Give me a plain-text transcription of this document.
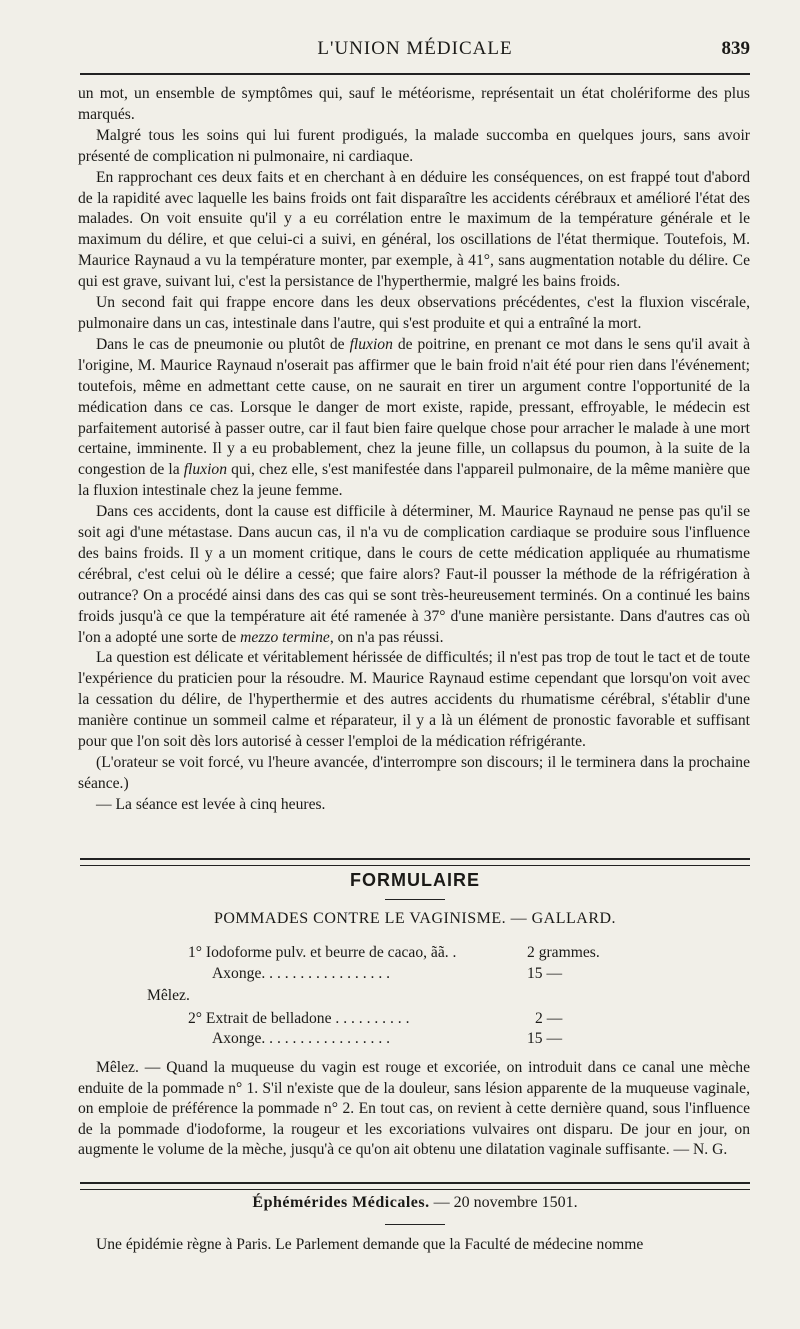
L'UNION MÉDICALE	839

un mot, un ensemble de symptômes qui, sauf le météorisme, représentait un état cholériforme des plus marqués.

Malgré tous les soins qui lui furent prodigués, la malade succomba en quelques jours, sans avoir présenté de complication ni pulmonaire, ni cardiaque.

En rapprochant ces deux faits et en cherchant à en déduire les conséquences, on est frappé tout d'abord de la rapidité avec laquelle les bains froids ont fait disparaître les accidents cérébraux et amélioré l'état des malades. On voit ensuite qu'il y a eu corrélation entre le maximum de la température générale et le maximum du délire, et que celui-ci a suivi, en général, los oscillations de l'état thermique. Toutefois, M. Maurice Raynaud a vu la température monter, par exemple, à 41°, sans augmentation notable du délire. Ce qui est grave, suivant lui, c'est la persistance de l'hyperthermie, malgré les bains froids.

Un second fait qui frappe encore dans les deux observations précédentes, c'est la fluxion viscérale, pulmonaire dans un cas, intestinale dans l'autre, qui s'est produite et qui a entraîné la mort.

Dans le cas de pneumonie ou plutôt de fluxion de poitrine, en prenant ce mot dans le sens qu'il avait à l'origine, M. Maurice Raynaud n'oserait pas affirmer que le bain froid n'ait été pour rien dans l'événement; toutefois, même en admettant cette cause, on ne saurait en tirer un argument contre l'opportunité de la médication dans ce cas. Lorsque le danger de mort existe, rapide, pressant, effroyable, le médecin est parfaitement autorisé à passer outre, car il faut bien faire quelque chose pour arracher le malade à une mort certaine, imminente. Il y a eu probablement, chez la jeune fille, un collapsus du poumon, à la suite de la congestion de la fluxion qui, chez elle, s'est manifestée dans l'appareil pulmonaire, de la même manière que la fluxion intestinale chez la jeune femme.

Dans ces accidents, dont la cause est difficile à déterminer, M. Maurice Raynaud ne pense pas qu'il se soit agi d'une métastase. Dans aucun cas, il n'a vu de complication cardiaque se produire sous l'influence des bains froids. Il y a un moment critique, dans le cours de cette médication appliquée au rhumatisme cérébral, c'est celui où le délire a cessé; que faire alors? Faut-il pousser la méthode de la réfrigération à outrance? On a procédé ainsi dans des cas qui se sont très-heureusement terminés. On a continué les bains froids jusqu'à ce que la température ait été ramenée à 37° d'une manière persistante. Dans d'autres cas où l'on a adopté une sorte de mezzo termine, on n'a pas réussi.

La question est délicate et véritablement hérissée de difficultés; il n'est pas trop de tout le tact et de toute l'expérience du praticien pour la résoudre. M. Maurice Raynaud estime cependant que lorsqu'on voit avec la cessation du délire, de l'hyperthermie et des autres accidents du rhumatisme cérébral, s'établir d'une manière continue un sommeil calme et réparateur, il y a là un élément de pronostic favorable et suffisant pour que l'on soit dès lors autorisé à cesser l'emploi de la médication réfrigérante.

(L'orateur se voit forcé, vu l'heure avancée, d'interrompre son discours; il le terminera dans la prochaine séance.)

— La séance est levée à cinq heures.

FORMULAIRE
POMMADES CONTRE LE VAGINISME. — GALLARD.
1° Iodoforme pulv. et beurre de cacao, ãã. .	2 grammes.
Axonge. . . . . . . . . . . . . . . . .	15 —
Mêlez.
2° Extrait de belladone . . . . . . . . . .	2 —
Axonge. . . . . . . . . . . . . . . . .	15 —

Mêlez. — Quand la muqueuse du vagin est rouge et excoriée, on introduit dans ce canal une mèche enduite de la pommade n° 1. S'il n'existe que de la douleur, sans lésion apparente de la muqueuse vaginale, on emploie de préférence la pommade n° 2. En tout cas, on revient à cette dernière quand, sous l'influence de la pommade d'iodoforme, la rougeur et les excoriations vulvaires ont disparu. De jour en jour, on augmente le volume de la mèche, jusqu'à ce qu'on ait obtenu une dilatation vaginale suffisante. — N. G.

Éphémérides Médicales. — 20 novembre 1501.
Une épidémie règne à Paris. Le Parlement demande que la Faculté de médecine nomme
